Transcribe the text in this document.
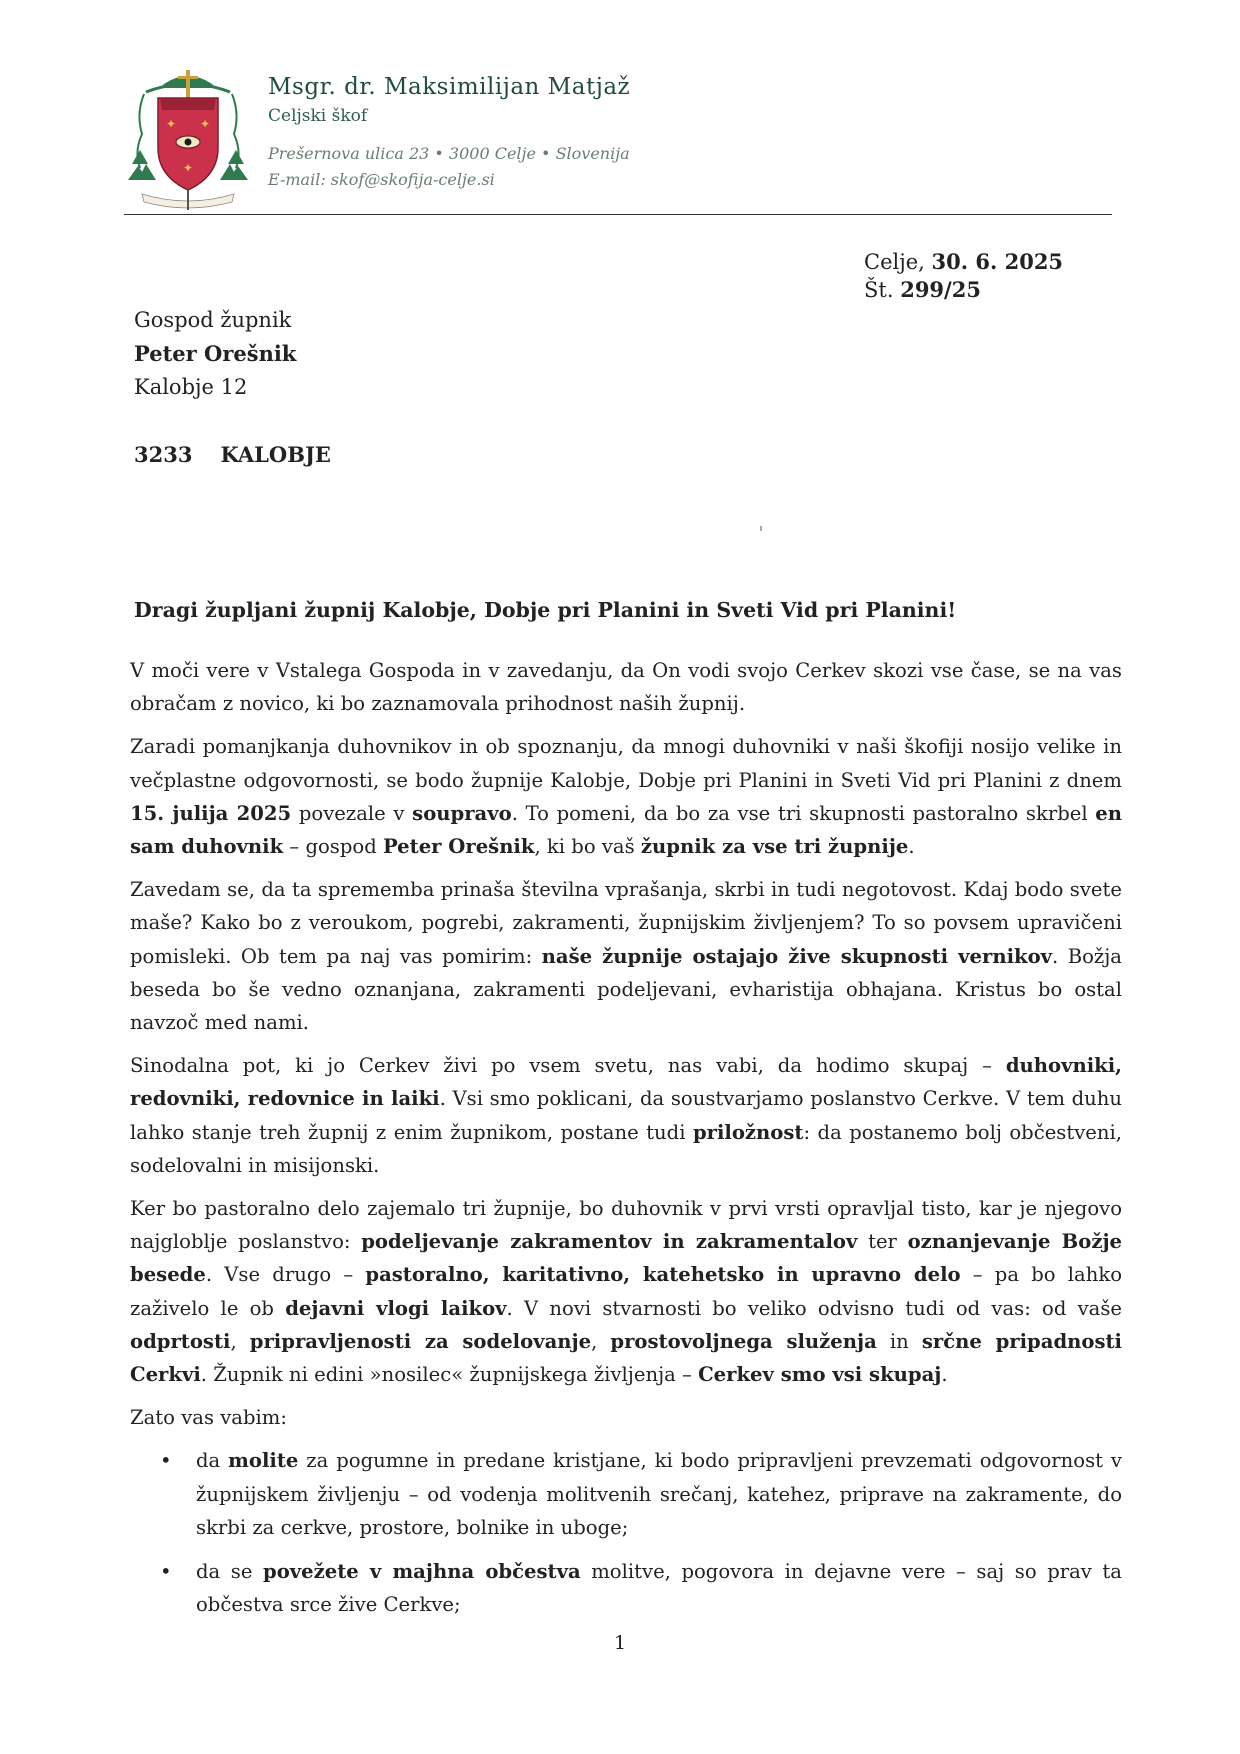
✦ ✦
✦
Msgr. dr. Maksimilijan Matjaž
Celjski škof
Prešernova ulica 23 • 3000 Celje • Slovenija
E-mail: skof@skofija-celje.si
Celje, 30. 6. 2025
Št. 299/25
Gospod župnik
Peter Orešnik
Kalobje 12
3233 KALOBJE
Dragi župljani župnij Kalobje, Dobje pri Planini in Sveti Vid pri Planini!

V moči vere v Vstalega Gospoda in v zavedanju, da On vodi svojo Cerkev skozi vse čase, se na vas obračam z novico, ki bo zaznamovala prihodnost naših župnij.

Zaradi pomanjkanja duhovnikov in ob spoznanju, da mnogi duhovniki v naši škofiji nosijo velike in večplastne odgovornosti, se bodo župnije Kalobje, Dobje pri Planini in Sveti Vid pri Planini z dnem 15. julija 2025 povezale v soupravo. To pomeni, da bo za vse tri skupnosti pastoralno skrbel en sam duhovnik – gospod Peter Orešnik, ki bo vaš župnik za vse tri župnije.

Zavedam se, da ta sprememba prinaša številna vprašanja, skrbi in tudi negotovost. Kdaj bodo svete maše? Kako bo z veroukom, pogrebi, zakramenti, župnijskim življenjem? To so povsem upravičeni pomisleki. Ob tem pa naj vas pomirim: naše župnije ostajajo žive skupnosti vernikov. Božja beseda bo še vedno oznanjana, zakramenti podeljevani, evharistija obhajana. Kristus bo ostal navzoč med nami.

Sinodalna pot, ki jo Cerkev živi po vsem svetu, nas vabi, da hodimo skupaj – duhovniki, redovniki, redovnice in laiki. Vsi smo poklicani, da soustvarjamo poslanstvo Cerkve. V tem duhu lahko stanje treh župnij z enim župnikom, postane tudi priložnost: da postanemo bolj občestveni, sodelovalni in misijonski.

Ker bo pastoralno delo zajemalo tri župnije, bo duhovnik v prvi vrsti opravljal tisto, kar je njegovo najgloblje poslanstvo: podeljevanje zakramentov in zakramentalov ter oznanjevanje Božje besede. Vse drugo – pastoralno, karitativno, katehetsko in upravno delo – pa bo lahko zaživelo le ob dejavni vlogi laikov. V novi stvarnosti bo veliko odvisno tudi od vas: od vaše odprtosti, pripravljenosti za sodelovanje, prostovoljnega služenja in srčne pripadnosti Cerkvi. Župnik ni edini »nosilec« župnijskega življenja – Cerkev smo vsi skupaj.

Zato vas vabim:

• da molite za pogumne in predane kristjane, ki bodo pripravljeni prevzemati odgovornost v župnijskem življenju – od vodenja molitvenih srečanj, katehez, priprave na zakramente, do skrbi za cerkve, prostore, bolnike in uboge;
• da se povežete v majhna občestva molitve, pogovora in dejavne vere – saj so prav ta občestva srce žive Cerkve;
1
